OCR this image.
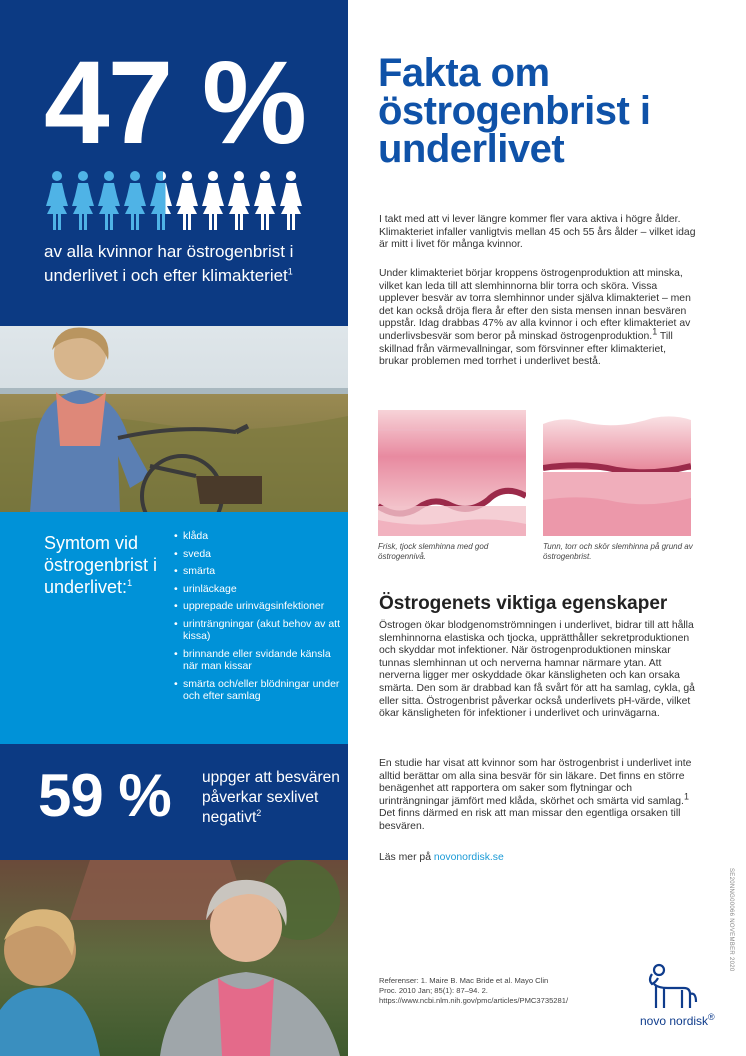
47 %
av alla kvinnor har östrogenbrist i underlivet i och efter klimakteriet$^1$
Symtom vid östrogenbrist i underlivet:$^1$
• klåda
• sveda
• smärta
• urinläckage
• upprepade urinvägsinfektioner
• urinträngningar (akut behov av att kissa)
• brinnande eller svidande känsla när man kissar
• smärta och/eller blödningar under och efter samlag
59 % uppger att besvären påverkar sexlivet negativt$^2$
Fakta om östrogenbrist i underlivet

I takt med att vi lever längre kommer fler vara aktiva i högre ålder. Klimakteriet infaller vanligtvis mellan 45 och 55 års ålder – vilket idag är mitt i livet för många kvinnor.

Under klimakteriet börjar kroppens östrogenproduktion att minska, vilket kan leda till att slemhinnorna blir torra och sköra. Vissa upplever besvär av torra slemhinnor under själva klimakteriet – men det kan också dröja flera år efter den sista mensen innan besvären uppstår. Idag drabbas 47% av alla kvinnor i och efter klimakteriet av underlivsbesvär som beror på minskad östrogenproduktion.$^1$ Till skillnad från värmevallningar, som försvinner efter klimakteriet, brukar problemen med torrhet i underlivet bestå.

Frisk, tjock slemhinna med god östrogennivå.

Tunn, torr och skör slemhinna på grund av östrogenbrist.

Östrogenets viktiga egenskaper

Östrogen ökar blodgenomströmningen i underlivet, bidrar till att hålla slemhinnorna elastiska och tjocka, upprätthåller sekretproduktionen och skyddar mot infektioner. När östrogenproduktionen minskar tunnas slemhinnan ut och nerverna hamnar närmare ytan. Att nerverna ligger mer oskyddade ökar känsligheten och kan orsaka smärta. Den som är drabbad kan få svårt för att ha samlag, cykla, gå eller sitta. Östrogenbrist påverkar också underlivets pH-värde, vilket ökar känsligheten för infektioner i underlivet och urinvägarna.

En studie har visat att kvinnor som har östrogenbrist i underlivet inte alltid berättar om alla sina besvär för sin läkare. Det finns en större benägenhet att rapportera om saker som flytningar och urinträngningar jämfört med klåda, skörhet och smärta vid samlag.$^1$ Det finns därmed en risk att man missar den egentliga orsaken till besvären.

Läs mer på novonordisk.se

Referenser: 1. Maire B. Mac Bride et al. Mayo Clin Proc. 2010 Jan; 85(1): 87–94. 2. https://www.ncbi.nlm.nih.gov/pmc/articles/PMC3735281/

SE20NNG00066 NOVEMBER 2020
novo nordisk®
